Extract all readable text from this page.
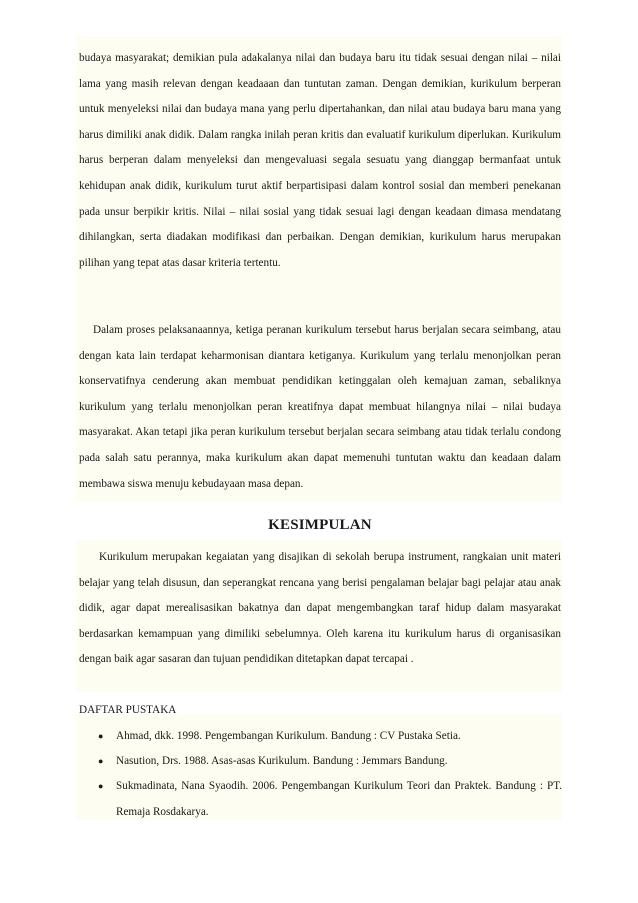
budaya masyarakat; demikian pula adakalanya nilai dan budaya baru itu tidak sesuai dengan nilai – nilai lama yang masih relevan dengan keadaaan dan tuntutan zaman. Dengan demikian, kurikulum berperan untuk menyeleksi nilai dan budaya mana yang perlu dipertahankan, dan nilai atau budaya baru mana yang harus dimiliki anak didik. Dalam rangka inilah peran kritis dan evaluatif kurikulum diperlukan. Kurikulum harus berperan dalam menyeleksi dan mengevaluasi segala sesuatu yang dianggap bermanfaat untuk kehidupan anak didik, kurikulum turut aktif berpartisipasi dalam kontrol sosial dan memberi penekanan pada unsur berpikir kritis. Nilai – nilai sosial yang tidak sesuai lagi dengan keadaan dimasa mendatang dihilangkan, serta diadakan modifikasi dan perbaikan. Dengan demikian, kurikulum harus merupakan pilihan yang tepat atas dasar kriteria tertentu.

Dalam proses pelaksanaannya, ketiga peranan kurikulum tersebut harus berjalan secara seimbang, atau dengan kata lain terdapat keharmonisan diantara ketiganya. Kurikulum yang terlalu menonjolkan peran konservatifnya cenderung akan membuat pendidikan ketinggalan oleh kemajuan zaman, sebaliknya kurikulum yang terlalu menonjolkan peran kreatifnya dapat membuat hilangnya nilai – nilai budaya masyarakat. Akan tetapi jika peran kurikulum tersebut berjalan secara seimbang atau tidak terlalu condong pada salah satu perannya, maka kurikulum akan dapat memenuhi tuntutan waktu dan keadaan dalam membawa siswa menuju kebudayaan masa depan.

KESIMPULAN

Kurikulum merupakan kegaiatan yang disajikan di sekolah berupa instrument, rangkaian unit materi belajar yang telah disusun, dan seperangkat rencana yang berisi pengalaman belajar bagi pelajar atau anak didik, agar dapat merealisasikan bakatnya dan dapat mengembangkan taraf hidup dalam masyarakat berdasarkan kemampuan yang dimiliki sebelumnya. Oleh karena itu kurikulum harus di organisasikan dengan baik agar sasaran dan tujuan pendidikan ditetapkan dapat tercapai .

DAFTAR PUSTAKA

● Ahmad, dkk. 1998. Pengembangan Kurikulum. Bandung : CV Pustaka Setia.
● Nasution, Drs. 1988. Asas-asas Kurikulum. Bandung : Jemmars Bandung.
● Sukmadinata, Nana Syaodih. 2006. Pengembangan Kurikulum Teori dan Praktek. Bandung : PT. Remaja Rosdakarya.
